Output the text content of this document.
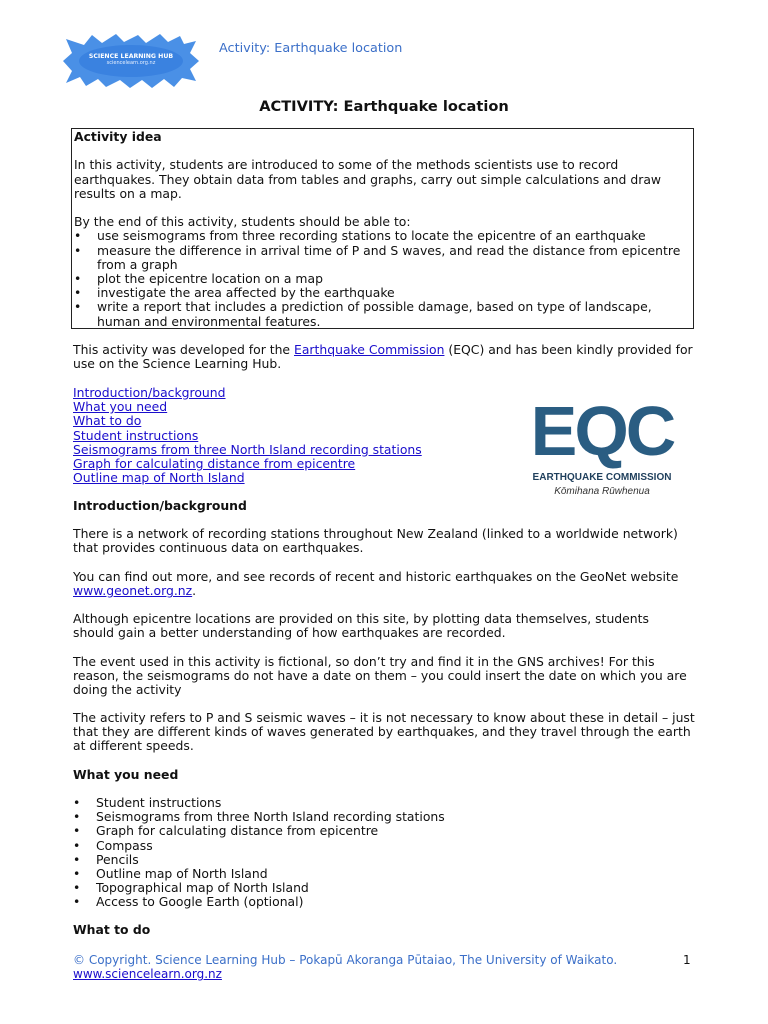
SCIENCE LEARNING HUB
sciencelearn.org.nz
Activity: Earthquake location
ACTIVITY: Earthquake location

Activity idea

In this activity, students are introduced to some of the methods scientists use to record earthquakes. They obtain data from tables and graphs, carry out simple calculations and draw results on a map.

By the end of this activity, students should be able to:

• use seismograms from three recording stations to locate the epicentre of an earthquake
• measure the difference in arrival time of P and S waves, and read the distance from epicentre from a graph
• plot the epicentre location on a map
• investigate the area affected by the earthquake
• write a report that includes a prediction of possible damage, based on type of landscape, human and environmental features.

This activity was developed for the Earthquake Commission (EQC) and has been kindly provided for use on the Science Learning Hub.

Introduction/background
What you need
What to do
Student instructions
Seismograms from three North Island recording stations
Graph for calculating distance from epicentre
Outline map of North Island
EQC
EARTHQUAKE COMMISSION
Kōmihana Rūwhenua

Introduction/background

There is a network of recording stations throughout New Zealand (linked to a worldwide network) that provides continuous data on earthquakes.

You can find out more, and see records of recent and historic earthquakes on the GeoNet website www.geonet.org.nz.

Although epicentre locations are provided on this site, by plotting data themselves, students should gain a better understanding of how earthquakes are recorded.

The event used in this activity is fictional, so don’t try and find it in the GNS archives! For this reason, the seismograms do not have a date on them – you could insert the date on which you are doing the activity

The activity refers to P and S seismic waves – it is not necessary to know about these in detail – just that they are different kinds of waves generated by earthquakes, and they travel through the earth at different speeds.

What you need

• Student instructions
• Seismograms from three North Island recording stations
• Graph for calculating distance from epicentre
• Compass
• Pencils
• Outline map of North Island
• Topographical map of North Island
• Access to Google Earth (optional)

What to do

© Copyright. Science Learning Hub – Pokapū Akoranga Pūtaiao, The University of Waikato.
www.sciencelearn.org.nz
1
